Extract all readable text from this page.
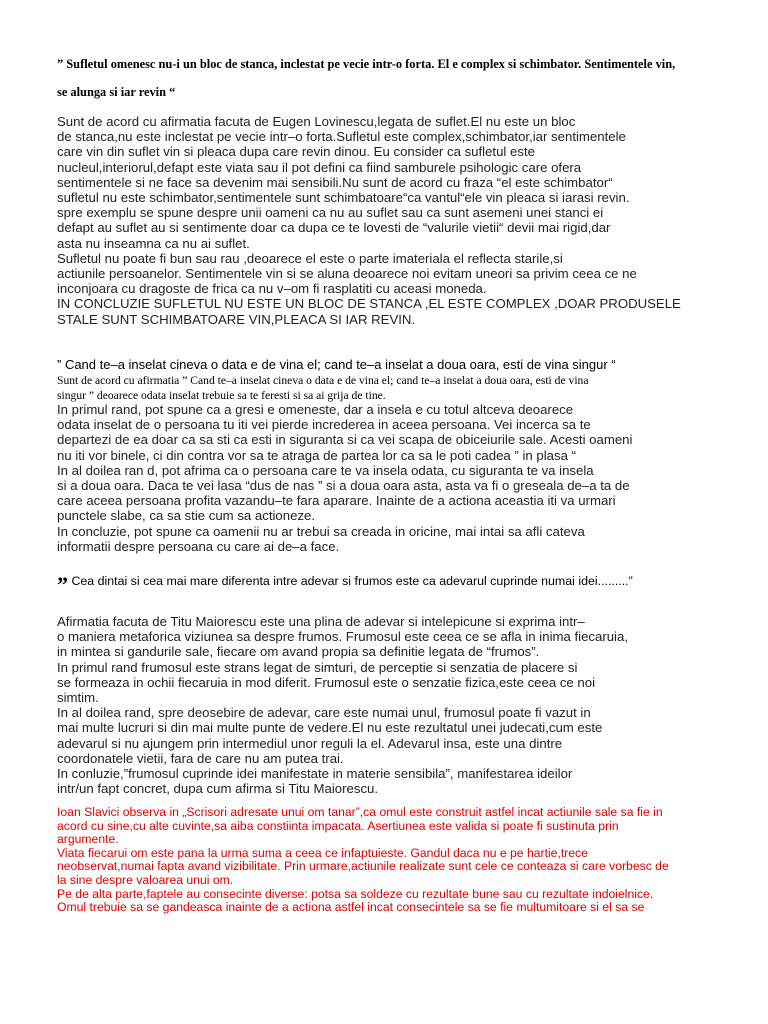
” Sufletul omenesc nu-i un bloc de stanca, inclestat pe vecie intr-o forta. El e complex si schimbator. Sentimentele vin,

se alunga si iar revin “

Sunt de acord cu afirmatia facuta de Eugen Lovinescu,legata de suflet.El nu este un bloc
de stanca,nu este inclestat pe vecie intr–o forta.Sufletul este complex,schimbator,iar sentimentele
care vin din suflet vin si pleaca dupa care revin dinou. Eu consider ca sufletul este
nucleul,interiorul,defapt este viata sau il pot defini ca fiind samburele psihologic care ofera
sentimentele si ne face sa devenim mai sensibili.Nu sunt de acord cu fraza “el este schimbator“
sufletul nu este schimbator,sentimentele sunt schimbatoare“ca vantul“ele vin pleaca si iarasi revin.
spre exemplu se spune despre unii oameni ca nu au suflet sau ca sunt asemeni unei stanci ei
defapt au suflet au si sentimente doar ca dupa ce te lovesti de “valurile vietii“ devii mai rigid,dar
asta nu inseamna ca nu ai suflet.
Sufletul nu poate fi bun sau rau ,deoarece el este o parte imateriala el reflecta starile,si
actiunile persoanelor. Sentimentele vin si se aluna deoarece noi evitam uneori sa privim ceea ce ne
inconjoara cu dragoste de frica ca nu v–om fi rasplatiti cu aceasi moneda.
IN CONCLUZIE SUFLETUL NU ESTE UN BLOC DE STANCA ,EL ESTE COMPLEX ,DOAR PRODUSELE
STALE SUNT SCHIMBATOARE VIN,PLEACA SI IAR REVIN.

” Cand te–a inselat cineva o data e de vina el; cand te–a inselat a doua oara, esti de vina singur “

Sunt de acord cu afirmatia ” Cand te–a inselat cineva o data e de vina el; cand te–a inselat a doua oara, esti de vina
singur ” deoarece odata inselat trebuie sa te feresti si sa ai grija de tine.
In primul rand, pot spune ca a gresi e omeneste, dar a insela e cu totul altceva deoarece
odata inselat de o persoana tu iti vei pierde increderea in aceea persoana. Vei incerca sa te
departezi de ea doar ca sa sti ca esti in siguranta si ca vei scapa de obiceiurile sale. Acesti oameni
nu iti vor binele, ci din contra vor sa te atraga de partea lor ca sa le poti cadea ” in plasa “
In al doilea ran d, pot afrima ca o persoana care te va insela odata, cu siguranta te va insela
si a doua oara. Daca te vei lasa “dus de nas ” si a doua oara asta, asta va fi o greseala de–a ta de
care aceea persoana profita vazandu–te fara aparare. Inainte de a actiona aceastia iti va urmari
punctele slabe, ca sa stie cum sa actioneze.
In concluzie, pot spune ca oamenii nu ar trebui sa creada in oricine, mai intai sa afli cateva
informatii despre persoana cu care ai de–a face.

” Cea dintai si cea mai mare diferenta intre adevar si frumos este ca adevarul cuprinde numai idei.........”

Afirmatia facuta de Titu Maiorescu este una plina de adevar si intelepicune si exprima intr–
o maniera metaforica viziunea sa despre frumos. Frumosul este ceea ce se afla in inima fiecaruia,
in mintea si gandurile sale, fiecare om avand propia sa definitie legata de “frumos”.
In primul rand frumosul este strans legat de simturi, de perceptie si senzatia de placere si
se formeaza in ochii fiecaruia in mod diferit. Frumosul este o senzatie fizica,este ceea ce noi
simtim.
In al doilea rand, spre deosebire de adevar, care este numai unul, frumosul poate fi vazut in
mai multe lucruri si din mai multe punte de vedere.El nu este rezultatul unei judecati,cum este
adevarul si nu ajungem prin intermediul unor reguli la el. Adevarul insa, este una dintre
coordonatele vietii, fara de care nu am putea trai.
In conluzie,”frumosul cuprinde idei manifestate in materie sensibila”, manifestarea ideilor
intr/un fapt concret, dupa cum afirma si Titu Maiorescu.
Ioan Slavici observa in „Scrisori adresate unui om tanar”,ca omul este construit astfel incat actiunile sale sa fie in
acord cu sine,cu alte cuvinte,sa aiba constiinta impacata. Asertiunea este valida si poate fi sustinuta prin
argumente.
Viata fiecarui om este pana la urma suma a ceea ce infaptuieste. Gandul daca nu e pe hartie,trece
neobservat,numai fapta avand vizibilitate. Prin urmare,actiunile realizate sunt cele ce conteaza si care vorbesc de
la sine despre valoarea unui om.
Pe de alta parte,faptele au consecinte diverse: potsa sa soldeze cu rezultate bune sau cu rezultate indoielnice.
Omul trebuie sa se gandeasca inainte de a actiona astfel incat consecintele sa se fie multumitoare si el sa se
